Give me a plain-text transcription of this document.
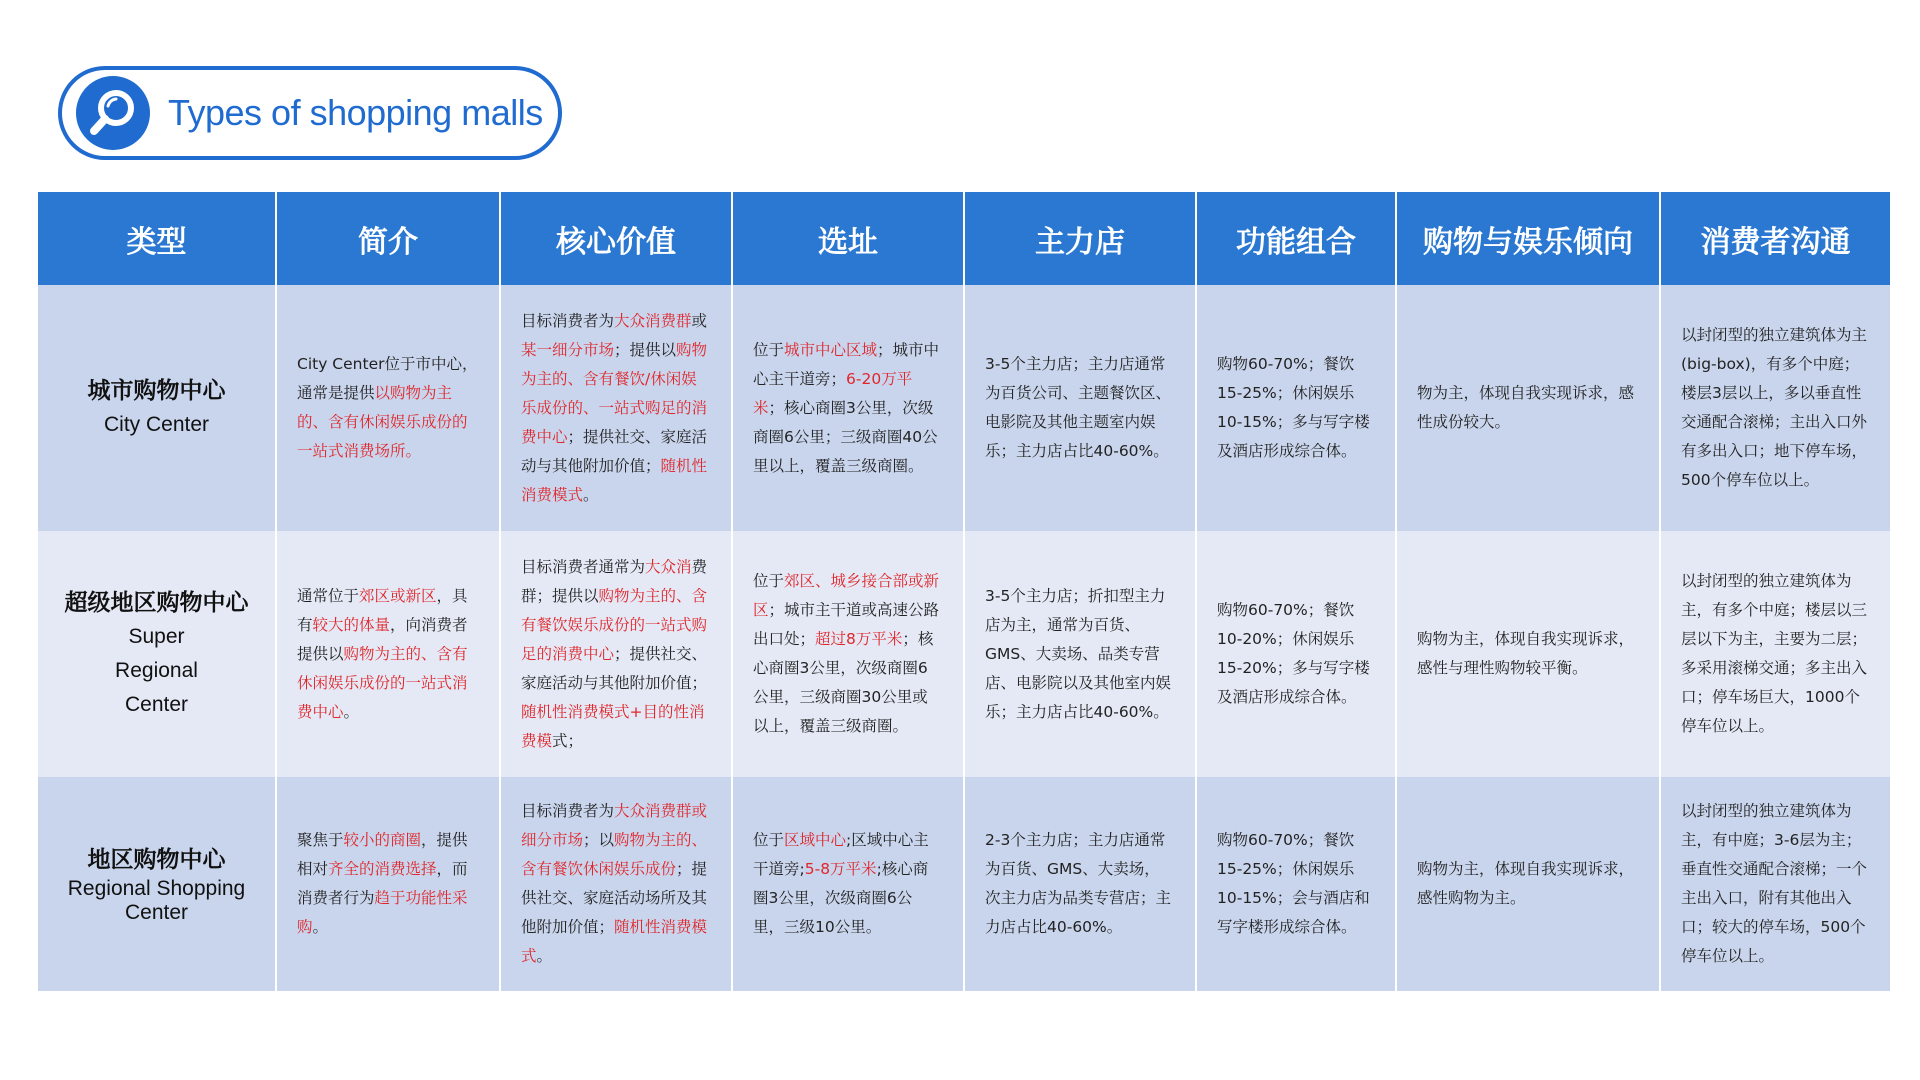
Types of shopping malls
类型	简介	核心价值	选址	主力店	功能组合	购物与娱乐倾向	消费者沟通

城市购物中心
City Center	City Center位于市中心，通常是提供以购物为主的、含有休闲娱乐成份的一站式消费场所。	目标消费者为大众消费群或某一细分市场；提供以购物为主的、含有餐饮/休闲娱乐成份的、一站式购足的消费中心；提供社交、家庭活动与其他附加价值；随机性消费模式。	位于城市中心区域；城市中心主干道旁；6-20万平米；核心商圈3公里，次级商圈6公里；三级商圈40公里以上，覆盖三级商圈。	3-5个主力店；主力店通常为百货公司、主题餐饮区、电影院及其他主题室内娱乐；主力店占比40-60%。	购物60-70%；餐饮15-25%；休闲娱乐10-15%；多与写字楼及酒店形成综合体。	物为主，体现自我实现诉求，感性成份较大。	以封闭型的独立建筑体为主(big-box)，有多个中庭；楼层3层以上，多以垂直性交通配合滚梯；主出入口外有多出入口；地下停车场，500个停车位以上。

超级地区购物中心
Super Regional Center	通常位于郊区或新区，具有较大的体量，向消费者提供以购物为主的、含有休闲娱乐成份的一站式消费中心。	目标消费者通常为大众消费群；提供以购物为主的、含有餐饮娱乐成份的一站式购足的消费中心；提供社交、家庭活动与其他附加价值；随机性消费模式+目的性消费模式；	位于郊区、城乡接合部或新区；城市主干道或高速公路出口处；超过8万平米；核心商圈3公里，次级商圈6公里，三级商圈30公里或以上，覆盖三级商圈。	3-5个主力店；折扣型主力店为主，通常为百货、GMS、大卖场、品类专营店、电影院以及其他室内娱乐；主力店占比40-60%。	购物60-70%；餐饮10-20%；休闲娱乐15-20%；多与写字楼及酒店形成综合体。	购物为主，体现自我实现诉求，感性与理性购物较平衡。	以封闭型的独立建筑体为主，有多个中庭；楼层以三层以下为主，主要为二层；多采用滚梯交通；多主出入口；停车场巨大，1000个停车位以上。

地区购物中心
Regional Shopping Center	聚焦于较小的商圈，提供相对齐全的消费选择，而消费者行为趋于功能性采购。	目标消费者为大众消费群或细分市场；以购物为主的、含有餐饮休闲娱乐成份；提供社交、家庭活动场所及其他附加价值；随机性消费模式。	位于区域中心;区域中心主干道旁;5-8万平米;核心商圈3公里，次级商圈6公里，三级10公里。	2-3个主力店；主力店通常为百货、GMS、大卖场，次主力店为品类专营店；主力店占比40-60%。	购物60-70%；餐饮15-25%；休闲娱乐10-15%；会与酒店和写字楼形成综合体。	购物为主，体现自我实现诉求，感性购物为主。	以封闭型的独立建筑体为主，有中庭；3-6层为主；垂直性交通配合滚梯；一个主出入口，附有其他出入口；较大的停车场，500个停车位以上。
